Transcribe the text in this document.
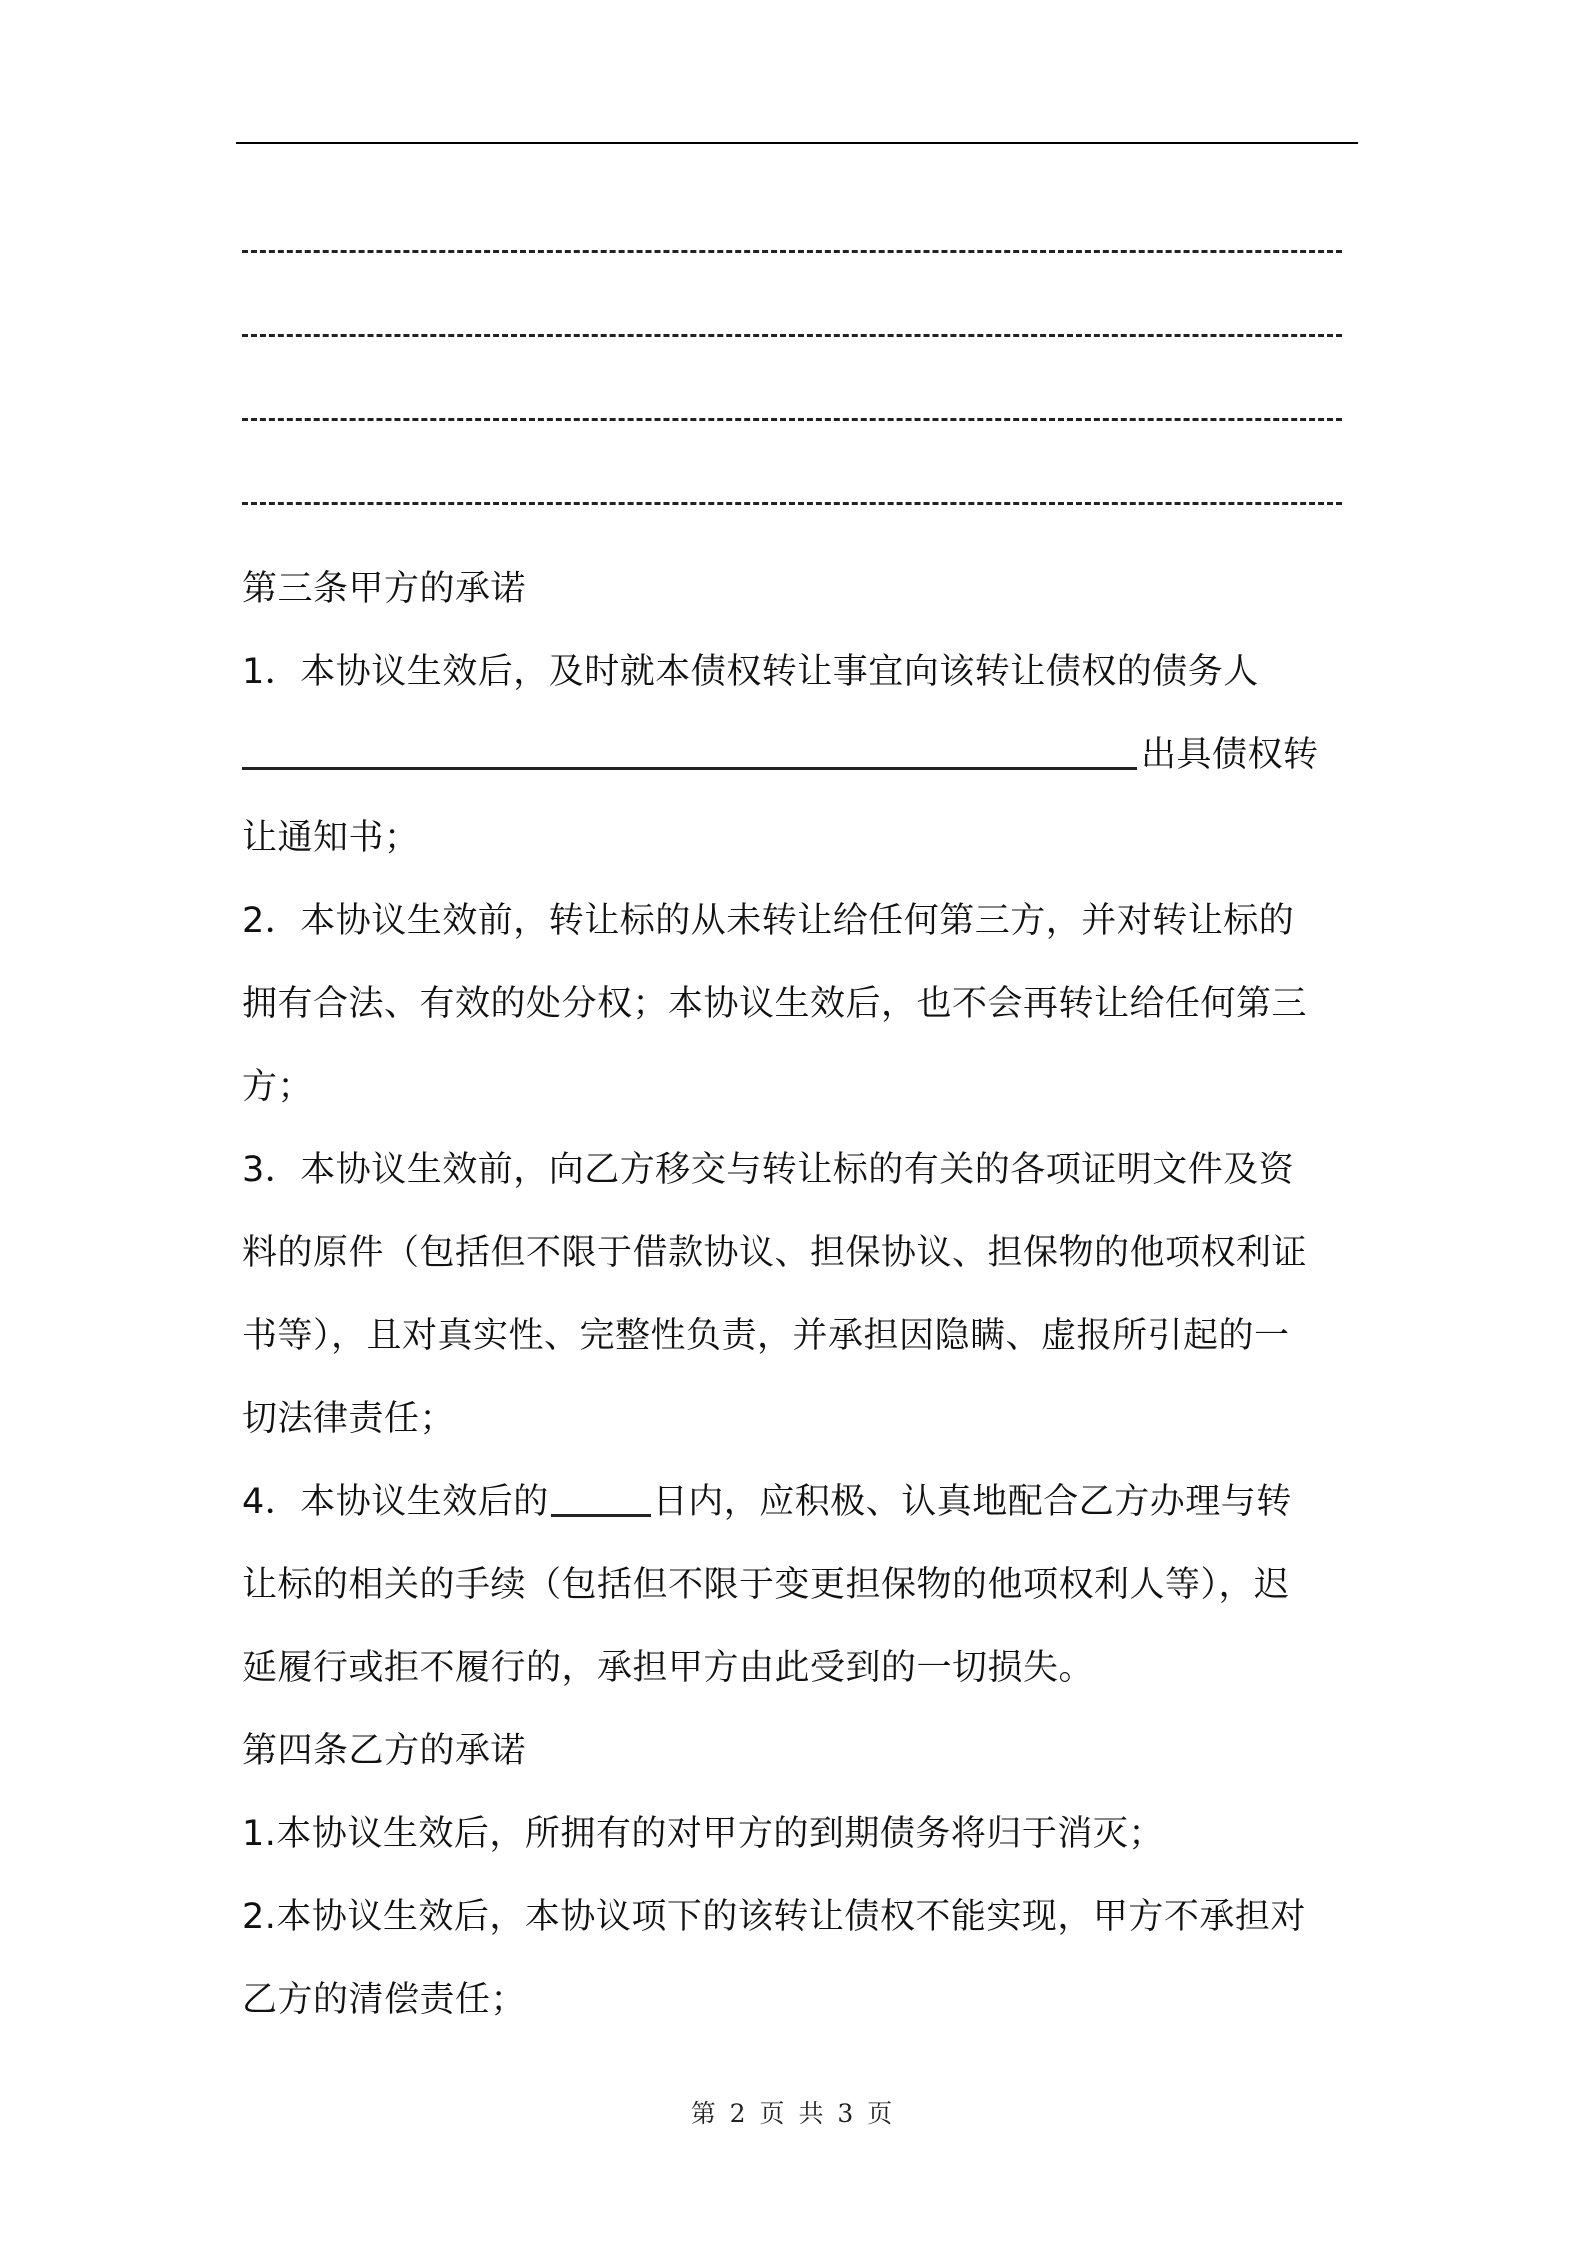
第三条甲方的承诺
1．本协议生效后，及时就本债权转让事宜向该转让债权的债务人
出具债权转
让通知书；
2．本协议生效前，转让标的从未转让给任何第三方，并对转让标的
拥有合法、有效的处分权；本协议生效后，也不会再转让给任何第三
方；
3．本协议生效前，向乙方移交与转让标的有关的各项证明文件及资
料的原件（包括但不限于借款协议、担保协议、担保物的他项权利证
书等），且对真实性、完整性负责，并承担因隐瞒、虚报所引起的一
切法律责任；
4．本协议生效后的	日内，应积极、认真地配合乙方办理与转
让标的相关的手续（包括但不限于变更担保物的他项权利人等），迟
延履行或拒不履行的，承担甲方由此受到的一切损失。
第四条乙方的承诺
1.本协议生效后，所拥有的对甲方的到期债务将归于消灭；
2.本协议生效后，本协议项下的该转让债权不能实现，甲方不承担对
乙方的清偿责任；
第 2 页 共 3 页
